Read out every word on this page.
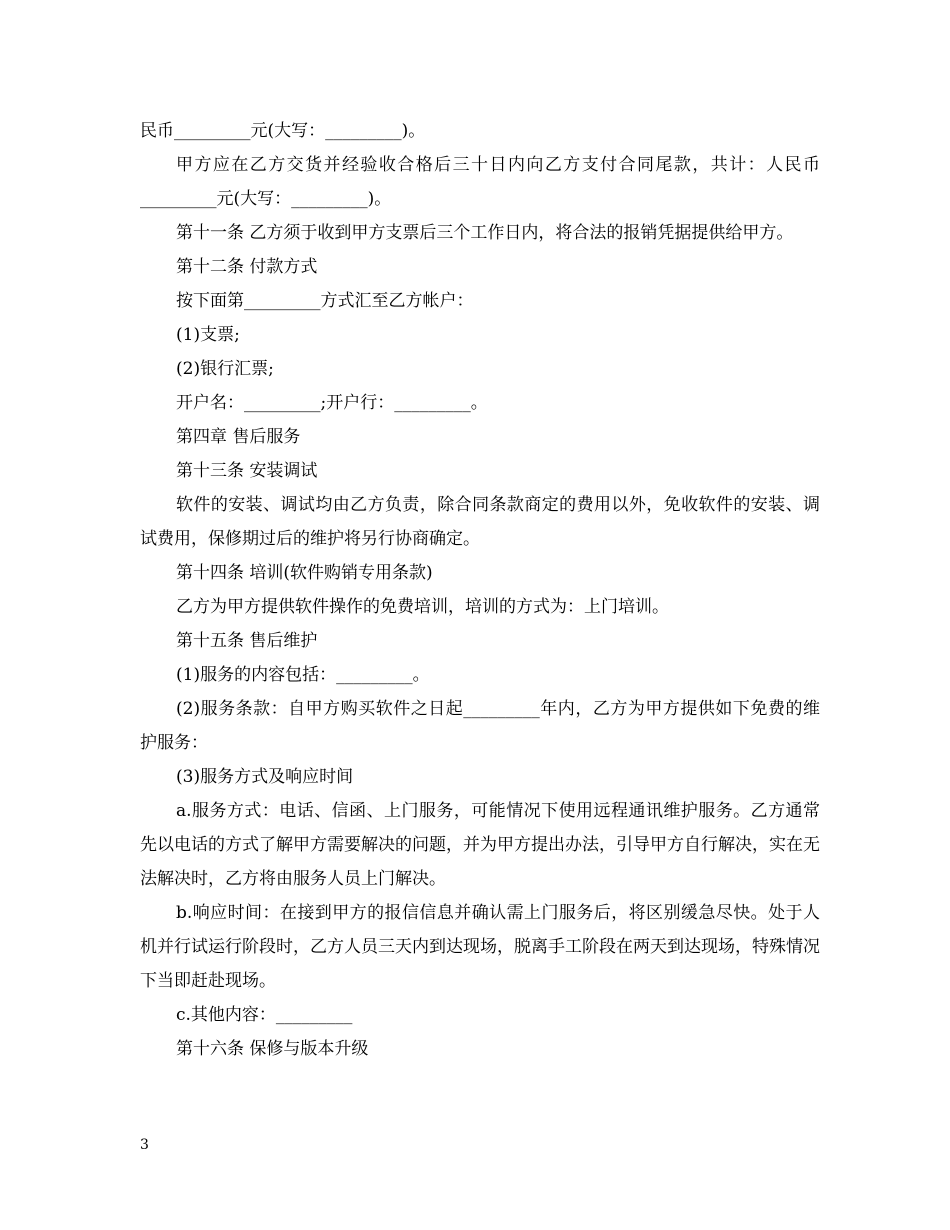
民币_________元(大写：_________)。

甲方应在乙方交货并经验收合格后三十日内向乙方支付合同尾款，共计：人民币_________元(大写：_________)。

第十一条 乙方须于收到甲方支票后三个工作日内，将合法的报销凭据提供给甲方。

第十二条 付款方式

按下面第_________方式汇至乙方帐户：

(1)支票;

(2)银行汇票;

开户名：_________;开户行：_________。

第四章 售后服务

第十三条 安装调试

软件的安装、调试均由乙方负责，除合同条款商定的费用以外，免收软件的安装、调试费用，保修期过后的维护将另行协商确定。

第十四条 培训(软件购销专用条款)

乙方为甲方提供软件操作的免费培训，培训的方式为：上门培训。

第十五条 售后维护

(1)服务的内容包括：_________。

(2)服务条款：自甲方购买软件之日起_________年内，乙方为甲方提供如下免费的维护服务：

(3)服务方式及响应时间

a.服务方式：电话、信函、上门服务，可能情况下使用远程通讯维护服务。乙方通常先以电话的方式了解甲方需要解决的问题，并为甲方提出办法，引导甲方自行解决，实在无法解决时，乙方将由服务人员上门解决。

b.响应时间：在接到甲方的报信信息并确认需上门服务后，将区别缓急尽快。处于人机并行试运行阶段时，乙方人员三天内到达现场，脱离手工阶段在两天到达现场，特殊情况下当即赶赴现场。

c.其他内容：_________

第十六条 保修与版本升级

3
